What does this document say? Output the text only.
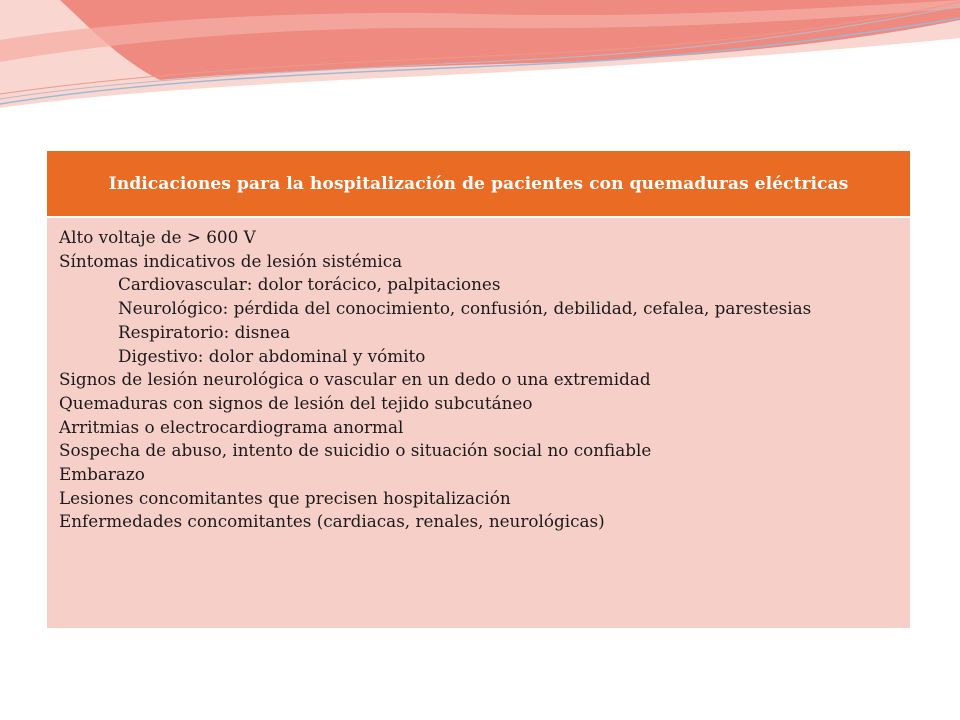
Indicaciones para la hospitalización de pacientes con quemaduras eléctricas
Alto voltaje de > 600 V
Síntomas indicativos de lesión sistémica
Cardiovascular: dolor torácico, palpitaciones
Neurológico: pérdida del conocimiento, confusión, debilidad, cefalea, parestesias
Respiratorio: disnea
Digestivo: dolor abdominal y vómito
Signos de lesión neurológica o vascular en un dedo o una extremidad
Quemaduras con signos de lesión del tejido subcutáneo
Arritmias o electrocardiograma anormal
Sospecha de abuso, intento de suicidio o situación social no confiable
Embarazo
Lesiones concomitantes que precisen hospitalización
Enfermedades concomitantes (cardiacas, renales, neurológicas)
